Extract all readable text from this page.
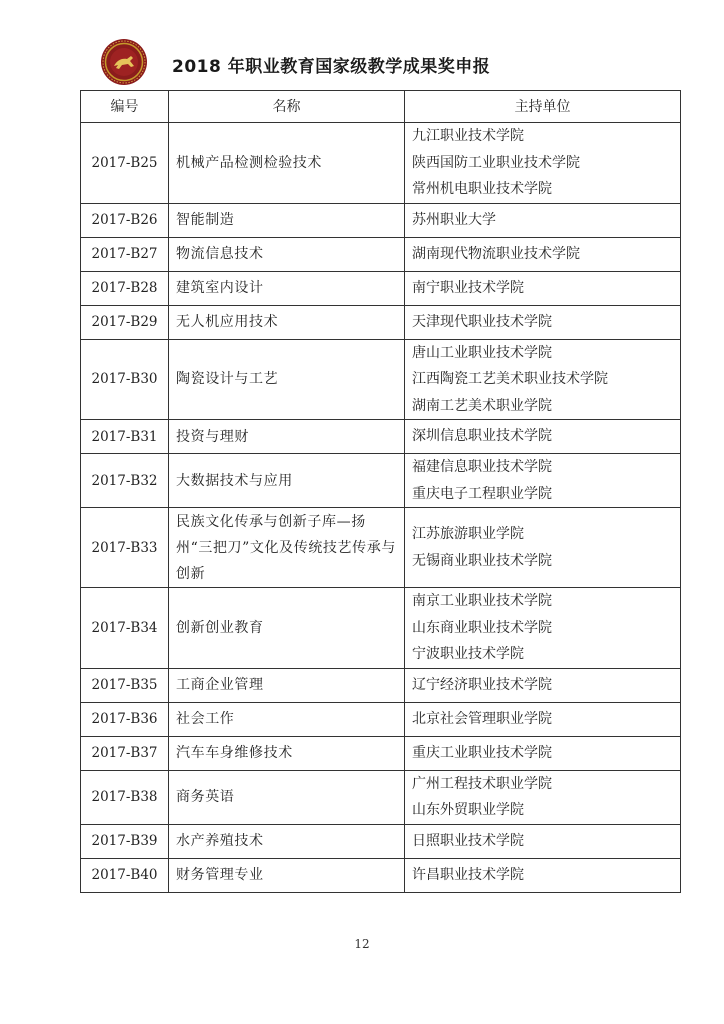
2018 年职业教育国家级教学成果奖申报
编号	名称	主持单位
2017-B25	机械产品检测检验技术	九江职业技术学院
陕西国防工业职业技术学院
常州机电职业技术学院

2017-B26	智能制造	苏州职业大学

2017-B27	物流信息技术	湖南现代物流职业技术学院

2017-B28	建筑室内设计	南宁职业技术学院

2017-B29	无人机应用技术	天津现代职业技术学院

2017-B30	陶瓷设计与工艺	唐山工业职业技术学院
江西陶瓷工艺美术职业技术学院
湖南工艺美术职业学院

2017-B31	投资与理财	深圳信息职业技术学院

2017-B32	大数据技术与应用	福建信息职业技术学院
重庆电子工程职业学院

2017-B33	民族文化传承与创新子库—扬州“三把刀”文化及传统技艺传承与创新	江苏旅游职业学院
无锡商业职业技术学院

2017-B34	创新创业教育	南京工业职业技术学院
山东商业职业技术学院
宁波职业技术学院

2017-B35	工商企业管理	辽宁经济职业技术学院

2017-B36	社会工作	北京社会管理职业学院

2017-B37	汽车车身维修技术	重庆工业职业技术学院

2017-B38	商务英语	广州工程技术职业学院
山东外贸职业学院

2017-B39	水产养殖技术	日照职业技术学院

2017-B40	财务管理专业	许昌职业技术学院
12
